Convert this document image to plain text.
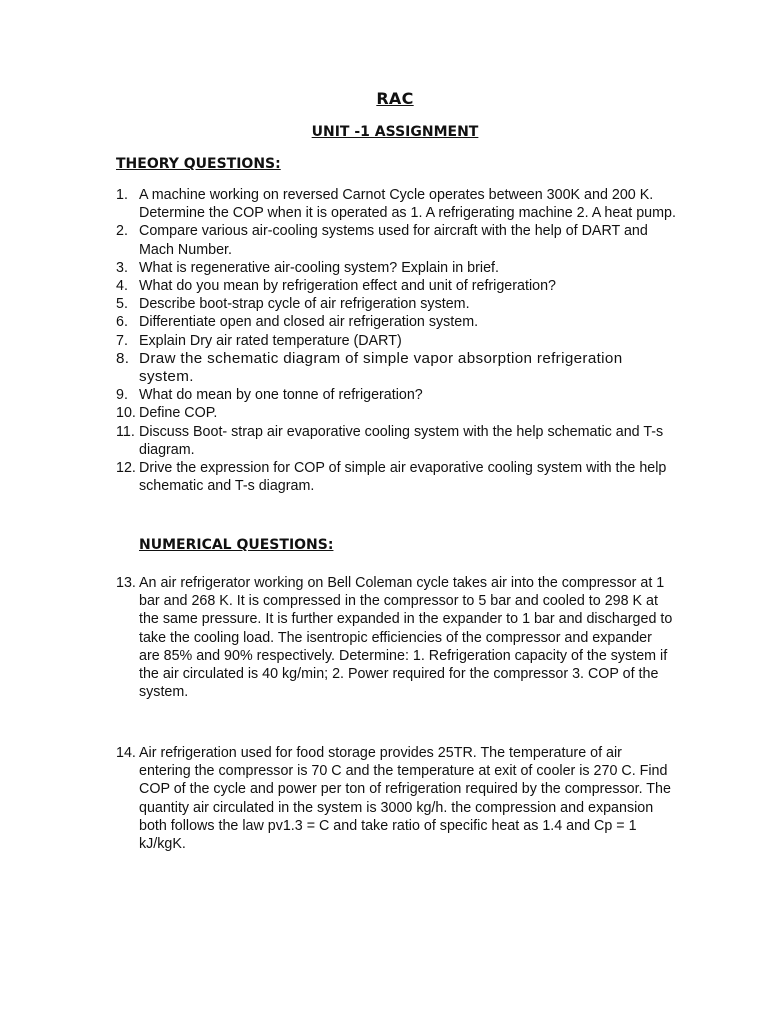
RAC
UNIT -1 ASSIGNMENT
THEORY QUESTIONS:
1. A machine working on reversed Carnot Cycle operates between 300K and 200 K. Determine the COP when it is operated as 1. A refrigerating machine 2. A heat pump.
2. Compare various air-cooling systems used for aircraft with the help of DART and Mach Number.
3. What is regenerative air-cooling system? Explain in brief.
4. What do you mean by refrigeration effect and unit of refrigeration?
5. Describe boot-strap cycle of air refrigeration system.
6. Differentiate open and closed air refrigeration system.
7. Explain Dry air rated temperature (DART)
8. Draw the schematic diagram of simple vapor absorption refrigeration system.
9. What do mean by one tonne of refrigeration?
10. Define COP.
11. Discuss Boot- strap air evaporative cooling system with the help schematic and T-s diagram.
12. Drive the expression for COP of simple air evaporative cooling system with the help schematic and T-s diagram.
NUMERICAL QUESTIONS:
13. An air refrigerator working on Bell Coleman cycle takes air into the compressor at 1 bar and 268 K. It is compressed in the compressor to 5 bar and cooled to 298 K at the same pressure. It is further expanded in the expander to 1 bar and discharged to take the cooling load. The isentropic efficiencies of the compressor and expander are 85% and 90% respectively. Determine: 1. Refrigeration capacity of the system if the air circulated is 40 kg/min; 2. Power required for the compressor 3. COP of the system.
14. Air refrigeration used for food storage provides 25TR. The temperature of air entering the compressor is 70 C and the temperature at exit of cooler is 270 C. Find COP of the cycle and power per ton of refrigeration required by the compressor. The quantity air circulated in the system is 3000 kg/h. the compression and expansion both follows the law pv1.3 = C and take ratio of specific heat as 1.4 and Cp = 1 kJ/kgK.
